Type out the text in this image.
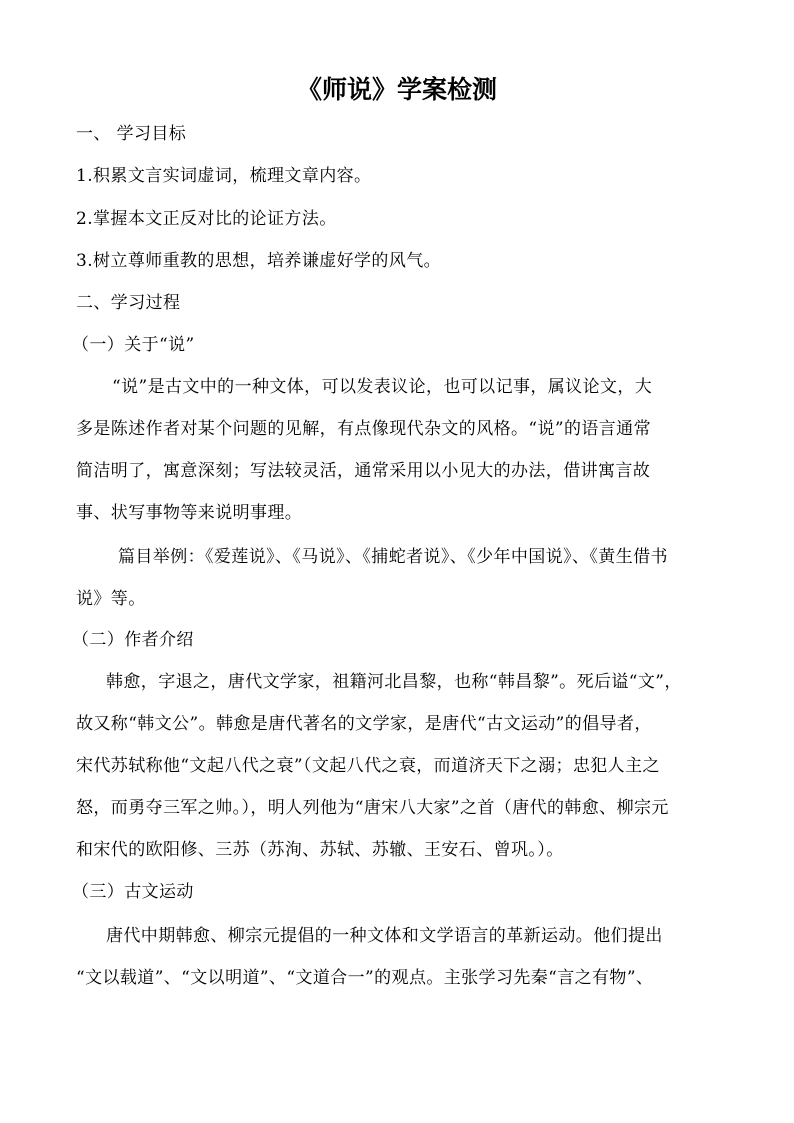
《师说》学案检测
一、 学习目标
1.积累文言实词虚词，梳理文章内容。
2.掌握本文正反对比的论证方法。
3.树立尊师重教的思想，培养谦虚好学的风气。
二、学习过程
（一）关于“说”
“说”是古文中的一种文体，可以发表议论，也可以记事，属议论文，大
多是陈述作者对某个问题的见解，有点像现代杂文的风格。“说”的语言通常
简洁明了，寓意深刻；写法较灵活，通常采用以小见大的办法，借讲寓言故
事、状写事物等来说明事理。
篇目举例：《爱莲说》、《马说》、《捕蛇者说》、《少年中国说》、《黄生借书
说》等。
（二）作者介绍
韩愈，字退之，唐代文学家，祖籍河北昌黎，也称“韩昌黎”。死后谥“文”，
故又称“韩文公”。韩愈是唐代著名的文学家，是唐代“古文运动”的倡导者，
宋代苏轼称他“文起八代之衰”（文起八代之衰，而道济天下之溺；忠犯人主之
怒，而勇夺三军之帅。），明人列他为“唐宋八大家”之首（唐代的韩愈、柳宗元
和宋代的欧阳修、三苏（苏洵、苏轼、苏辙、王安石、曾巩。）。
（三）古文运动
唐代中期韩愈、柳宗元提倡的一种文体和文学语言的革新运动。他们提出
“文以载道”、“文以明道”、“文道合一”的观点。主张学习先秦“言之有物”、
